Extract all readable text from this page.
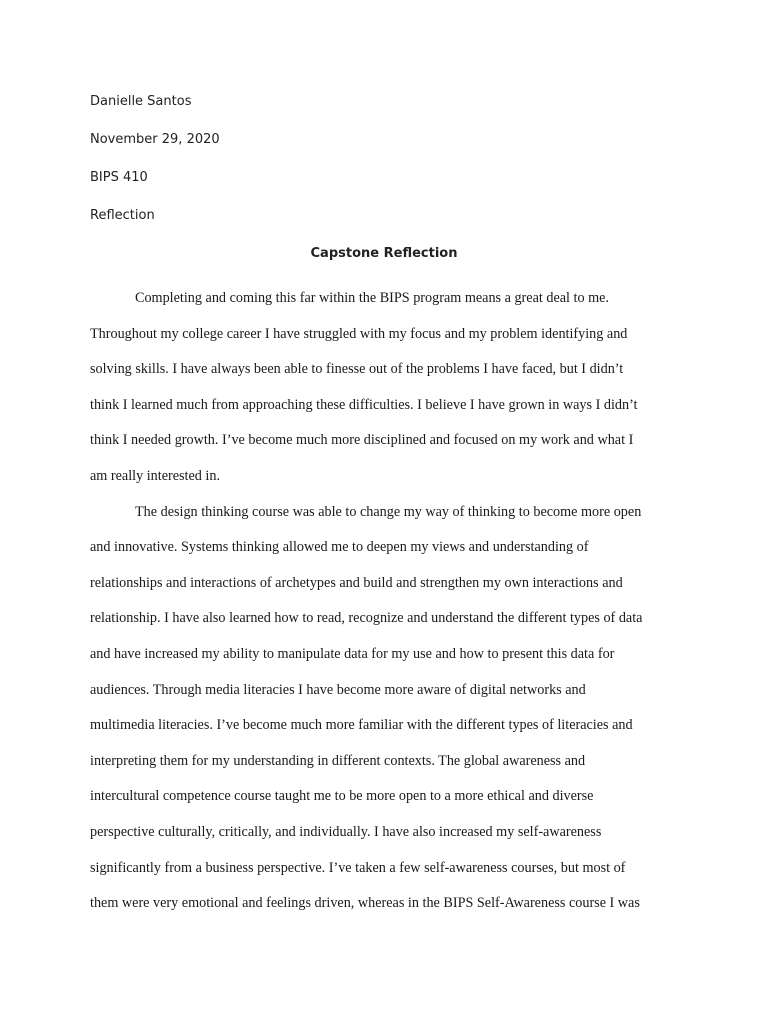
Danielle Santos
November 29, 2020
BIPS 410
Reflection
Capstone Reflection
Completing and coming this far within the BIPS program means a great deal to me.
Throughout my college career I have struggled with my focus and my problem identifying and
solving skills. I have always been able to finesse out of the problems I have faced, but I didn’t
think I learned much from approaching these difficulties. I believe I have grown in ways I didn’t
think I needed growth. I’ve become much more disciplined and focused on my work and what I
am really interested in.
The design thinking course was able to change my way of thinking to become more open
and innovative. Systems thinking allowed me to deepen my views and understanding of
relationships and interactions of archetypes and build and strengthen my own interactions and
relationship. I have also learned how to read, recognize and understand the different types of data
and have increased my ability to manipulate data for my use and how to present this data for
audiences. Through media literacies I have become more aware of digital networks and
multimedia literacies. I’ve become much more familiar with the different types of literacies and
interpreting them for my understanding in different contexts. The global awareness and
intercultural competence course taught me to be more open to a more ethical and diverse
perspective culturally, critically, and individually. I have also increased my self-awareness
significantly from a business perspective. I’ve taken a few self-awareness courses, but most of
them were very emotional and feelings driven, whereas in the BIPS Self-Awareness course I was
